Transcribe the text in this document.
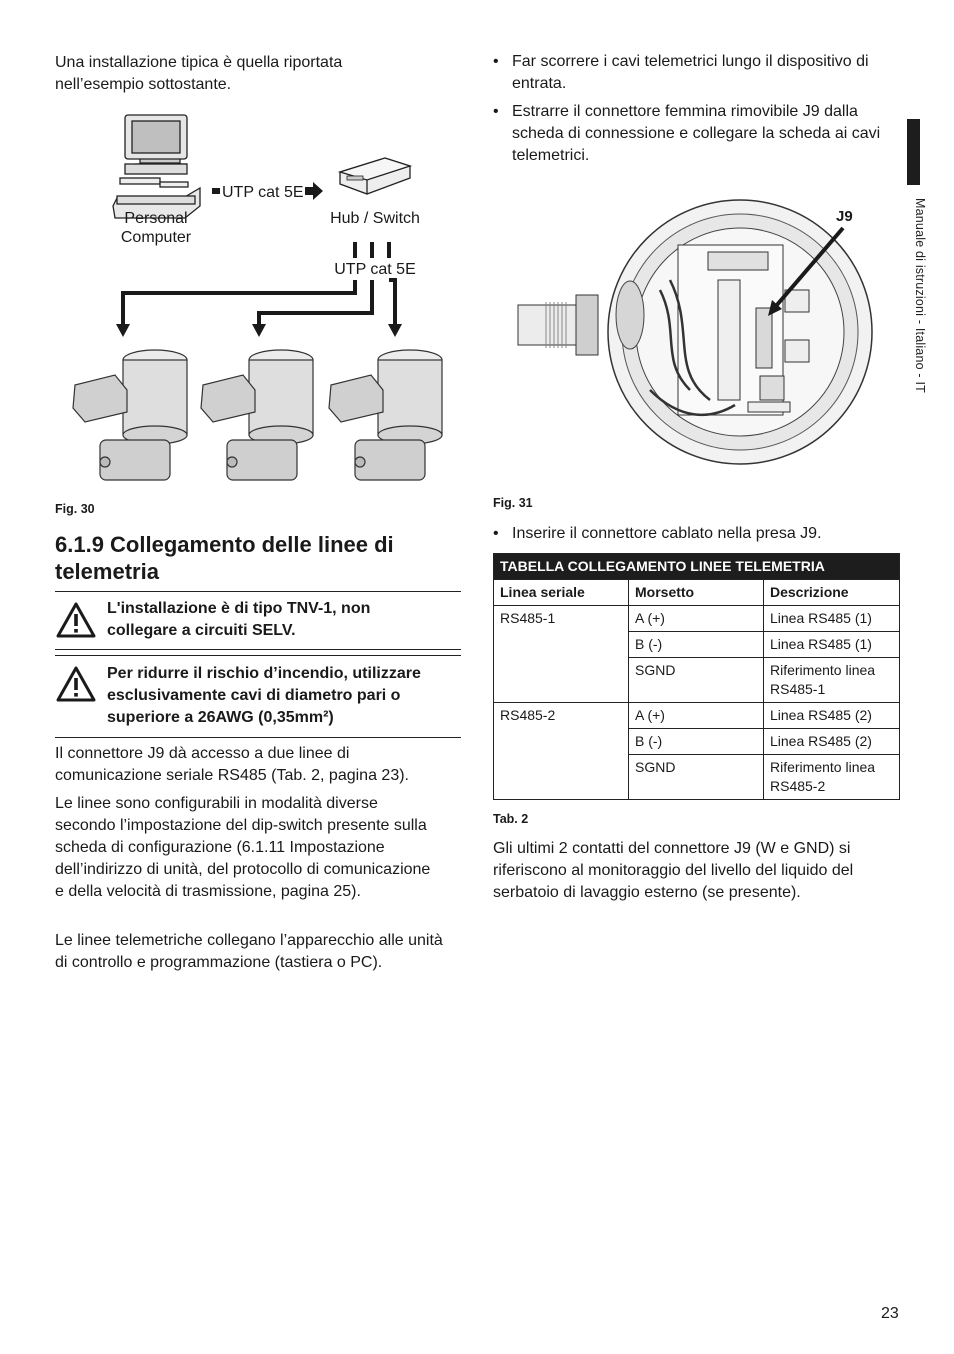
Una installazione tipica è quella riportata nell’esempio sottostante.

Personal
Computer
UTP cat 5E
Hub / Switch
UTP cat 5E
Fig. 30
6.1.9 Collegamento delle linee di
telemetria
L'installazione è di tipo TNV-1, non
collegare a circuiti SELV.
Per ridurre il rischio d’incendio, utilizzare
esclusivamente cavi di diametro pari o
superiore a 26AWG (0,35mm²)

Il connettore J9 dà accesso a due linee di comunicazione seriale RS485 (Tab. 2, pagina 23).

Le linee sono configurabili in modalità diverse secondo l’impostazione del dip-switch presente sulla scheda di configurazione (6.1.11 Impostazione dell’indirizzo di unità, del protocollo di comunicazione e della velocità di trasmissione, pagina 25).

Le linee telemetriche collegano l’apparecchio alle unità di controllo e programmazione (tastiera o PC).

• Far scorrere i cavi telemetrici lungo il dispositivo di entrata.
• Estrarre il connettore femmina rimovibile J9 dalla scheda di connessione e collegare la scheda ai cavi telemetrici.
J9
Fig. 31
• Inserire il connettore cablato nella presa J9.
TABELLA COLLEGAMENTO LINEE TELEMETRIA		
Linea seriale	Morsetto	Descrizione
RS485-1	A (+)	Linea RS485 (1)
	B (-)	Linea RS485 (1)
	SGND	Riferimento linea RS485-1
RS485-2	A (+)	Linea RS485 (2)
	B (-)	Linea RS485 (2)
	SGND	Riferimento linea RS485-2
Tab. 2

Gli ultimi 2 contatti del connettore J9 (W e GND) si riferiscono al monitoraggio del livello del liquido del serbatoio di lavaggio esterno (se presente).

Manuale di istruzioni - Italiano - IT
23
